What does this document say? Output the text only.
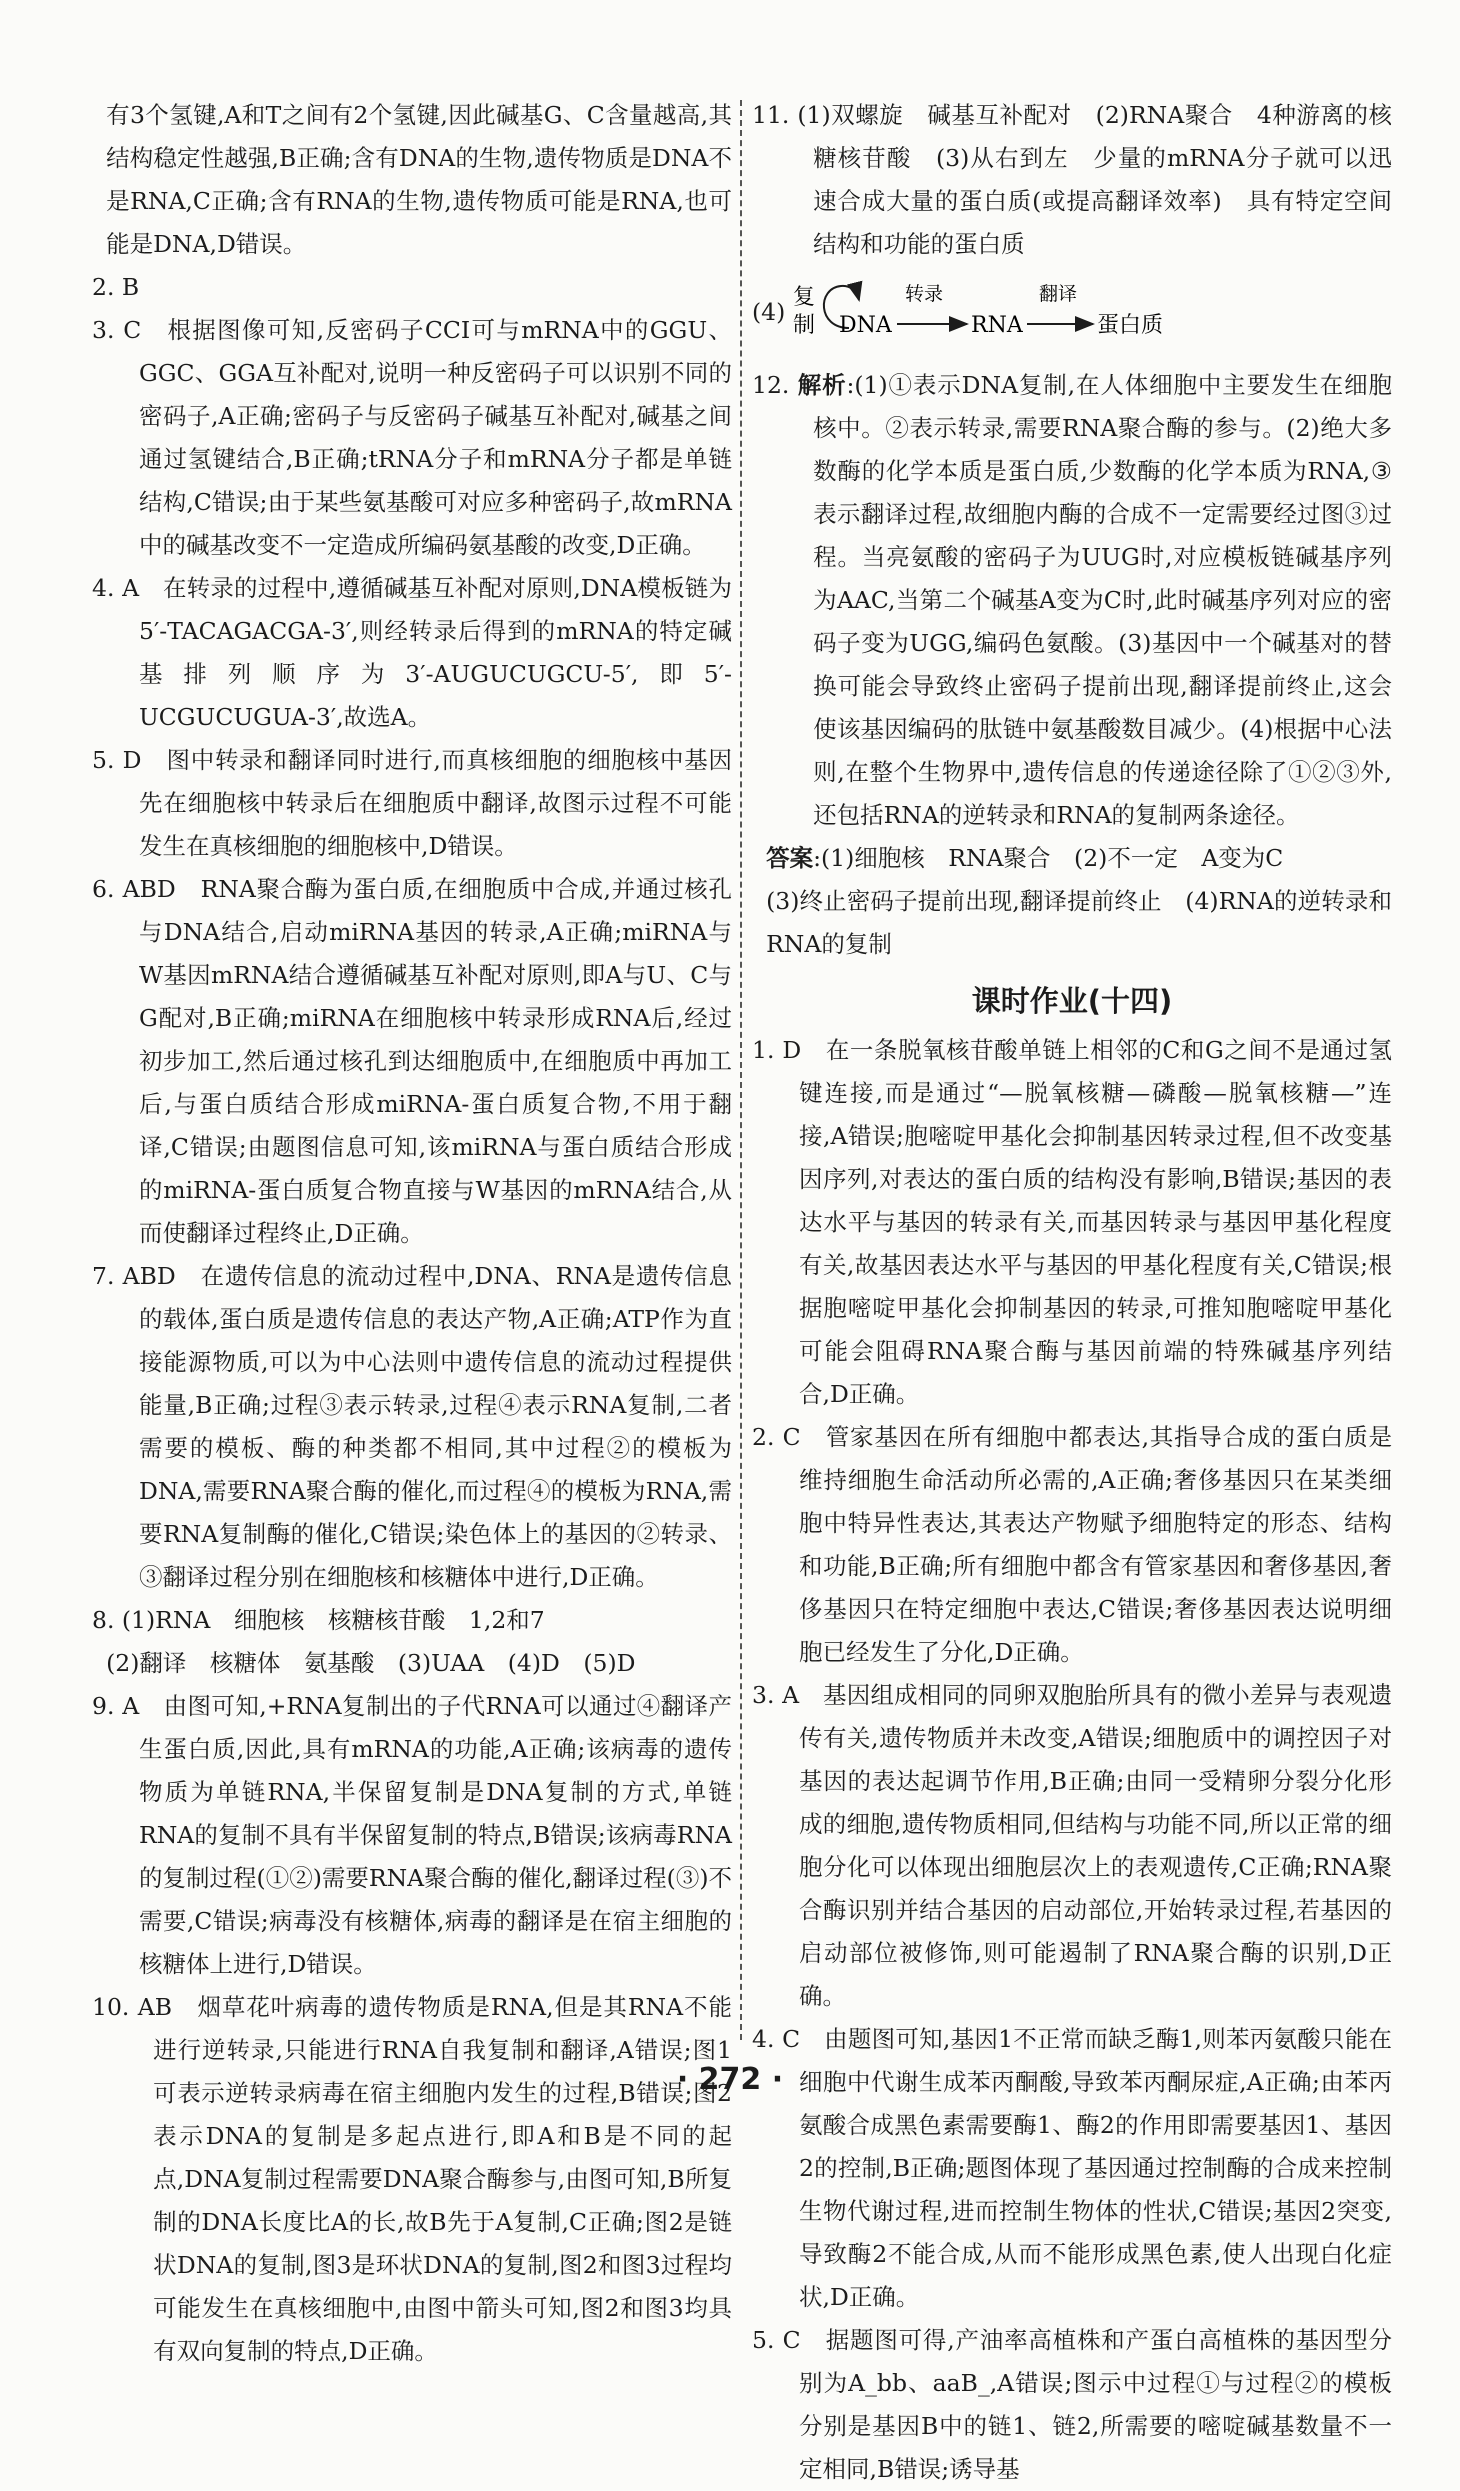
有3个氢键,A和T之间有2个氢键,因此碱基G、C含量越高,其结构稳定性越强,B正确;含有DNA的生物,遗传物质是DNA不是RNA,C正确;含有RNA的生物,遗传物质可能是RNA,也可能是DNA,D错误。

2. B

3. C　根据图像可知,反密码子CCI可与mRNA中的GGU、GGC、GGA互补配对,说明一种反密码子可以识别不同的密码子,A正确;密码子与反密码子碱基互补配对,碱基之间通过氢键结合,B正确;tRNA分子和mRNA分子都是单链结构,C错误;由于某些氨基酸可对应多种密码子,故mRNA中的碱基改变不一定造成所编码氨基酸的改变,D正确。

4. A　在转录的过程中,遵循碱基互补配对原则,DNA模板链为5′-TACAGACGA-3′,则经转录后得到的mRNA的特定碱基排列顺序为3′-AUGUCUGCU-5′,即5′-UCGUCUGUA-3′,故选A。

5. D　图中转录和翻译同时进行,而真核细胞的细胞核中基因先在细胞核中转录后在细胞质中翻译,故图示过程不可能发生在真核细胞的细胞核中,D错误。

6. ABD　RNA聚合酶为蛋白质,在细胞质中合成,并通过核孔与DNA结合,启动miRNA基因的转录,A正确;miRNA与W基因mRNA结合遵循碱基互补配对原则,即A与U、C与G配对,B正确;miRNA在细胞核中转录形成RNA后,经过初步加工,然后通过核孔到达细胞质中,在细胞质中再加工后,与蛋白质结合形成miRNA-蛋白质复合物,不用于翻译,C错误;由题图信息可知,该miRNA与蛋白质结合形成的miRNA-蛋白质复合物直接与W基因的mRNA结合,从而使翻译过程终止,D正确。

7. ABD　在遗传信息的流动过程中,DNA、RNA是遗传信息的载体,蛋白质是遗传信息的表达产物,A正确;ATP作为直接能源物质,可以为中心法则中遗传信息的流动过程提供能量,B正确;过程③表示转录,过程④表示RNA复制,二者需要的模板、酶的种类都不相同,其中过程②的模板为DNA,需要RNA聚合酶的催化,而过程④的模板为RNA,需要RNA复制酶的催化,C错误;染色体上的基因的②转录、③翻译过程分别在细胞核和核糖体中进行,D正确。

8. (1)RNA　细胞核　核糖核苷酸　1,2和7

(2)翻译　核糖体　氨基酸　(3)UAA　(4)D　(5)D

9. A　由图可知,+RNA复制出的子代RNA可以通过④翻译产生蛋白质,因此,具有mRNA的功能,A正确;该病毒的遗传物质为单链RNA,半保留复制是DNA复制的方式,单链RNA的复制不具有半保留复制的特点,B错误;该病毒RNA的复制过程(①②)需要RNA聚合酶的催化,翻译过程(③)不需要,C错误;病毒没有核糖体,病毒的翻译是在宿主细胞的核糖体上进行,D错误。

10. AB　烟草花叶病毒的遗传物质是RNA,但是其RNA不能进行逆转录,只能进行RNA自我复制和翻译,A错误;图1可表示逆转录病毒在宿主细胞内发生的过程,B错误;图2表示DNA的复制是多起点进行,即A和B是不同的起点,DNA复制过程需要DNA聚合酶参与,由图可知,B所复制的DNA长度比A的长,故B先于A复制,C正确;图2是链状DNA的复制,图3是环状DNA的复制,图2和图3过程均可能发生在真核细胞中,由图中箭头可知,图2和图3均具有双向复制的特点,D正确。

11. (1)双螺旋　碱基互补配对　(2)RNA聚合　4种游离的核糖核苷酸　(3)从右到左　少量的mRNA分子就可以迅速合成大量的蛋白质(或提高翻译效率)　具有特定空间结构和功能的蛋白质

(4) 复
制 DNA
转录
RNA
翻译
蛋白质

12. 解析:(1)①表示DNA复制,在人体细胞中主要发生在细胞核中。②表示转录,需要RNA聚合酶的参与。(2)绝大多数酶的化学本质是蛋白质,少数酶的化学本质为RNA,③表示翻译过程,故细胞内酶的合成不一定需要经过图③过程。当亮氨酸的密码子为UUG时,对应模板链碱基序列为AAC,当第二个碱基A变为C时,此时碱基序列对应的密码子变为UGG,编码色氨酸。(3)基因中一个碱基对的替换可能会导致终止密码子提前出现,翻译提前终止,这会使该基因编码的肽链中氨基酸数目减少。(4)根据中心法则,在整个生物界中,遗传信息的传递途径除了①②③外,还包括RNA的逆转录和RNA的复制两条途径。

答案:(1)细胞核　RNA聚合　(2)不一定　A变为C

(3)终止密码子提前出现,翻译提前终止　(4)RNA的逆转录和RNA的复制

课时作业(十四)

1. D　在一条脱氧核苷酸单链上相邻的C和G之间不是通过氢键连接,而是通过“—脱氧核糖—磷酸—脱氧核糖—”连接,A错误;胞嘧啶甲基化会抑制基因转录过程,但不改变基因序列,对表达的蛋白质的结构没有影响,B错误;基因的表达水平与基因的转录有关,而基因转录与基因甲基化程度有关,故基因表达水平与基因的甲基化程度有关,C错误;根据胞嘧啶甲基化会抑制基因的转录,可推知胞嘧啶甲基化可能会阻碍RNA聚合酶与基因前端的特殊碱基序列结合,D正确。

2. C　管家基因在所有细胞中都表达,其指导合成的蛋白质是维持细胞生命活动所必需的,A正确;奢侈基因只在某类细胞中特异性表达,其表达产物赋予细胞特定的形态、结构和功能,B正确;所有细胞中都含有管家基因和奢侈基因,奢侈基因只在特定细胞中表达,C错误;奢侈基因表达说明细胞已经发生了分化,D正确。

3. A　基因组成相同的同卵双胞胎所具有的微小差异与表观遗传有关,遗传物质并未改变,A错误;细胞质中的调控因子对基因的表达起调节作用,B正确;由同一受精卵分裂分化形成的细胞,遗传物质相同,但结构与功能不同,所以正常的细胞分化可以体现出细胞层次上的表观遗传,C正确;RNA聚合酶识别并结合基因的启动部位,开始转录过程,若基因的启动部位被修饰,则可能遏制了RNA聚合酶的识别,D正确。

4. C　由题图可知,基因1不正常而缺乏酶1,则苯丙氨酸只能在细胞中代谢生成苯丙酮酸,导致苯丙酮尿症,A正确;由苯丙氨酸合成黑色素需要酶1、酶2的作用即需要基因1、基因2的控制,B正确;题图体现了基因通过控制酶的合成来控制生物代谢过程,进而控制生物体的性状,C错误;基因2突变,导致酶2不能合成,从而不能形成黑色素,使人出现白化症状,D正确。

5. C　据题图可得,产油率高植株和产蛋白高植株的基因型分别为A_bb、aaB_,A错误;图示中过程①与过程②的模板分别是基因B中的链1、链2,所需要的嘧啶碱基数量不一定相同,B错误;诱导基

· 272 ·
